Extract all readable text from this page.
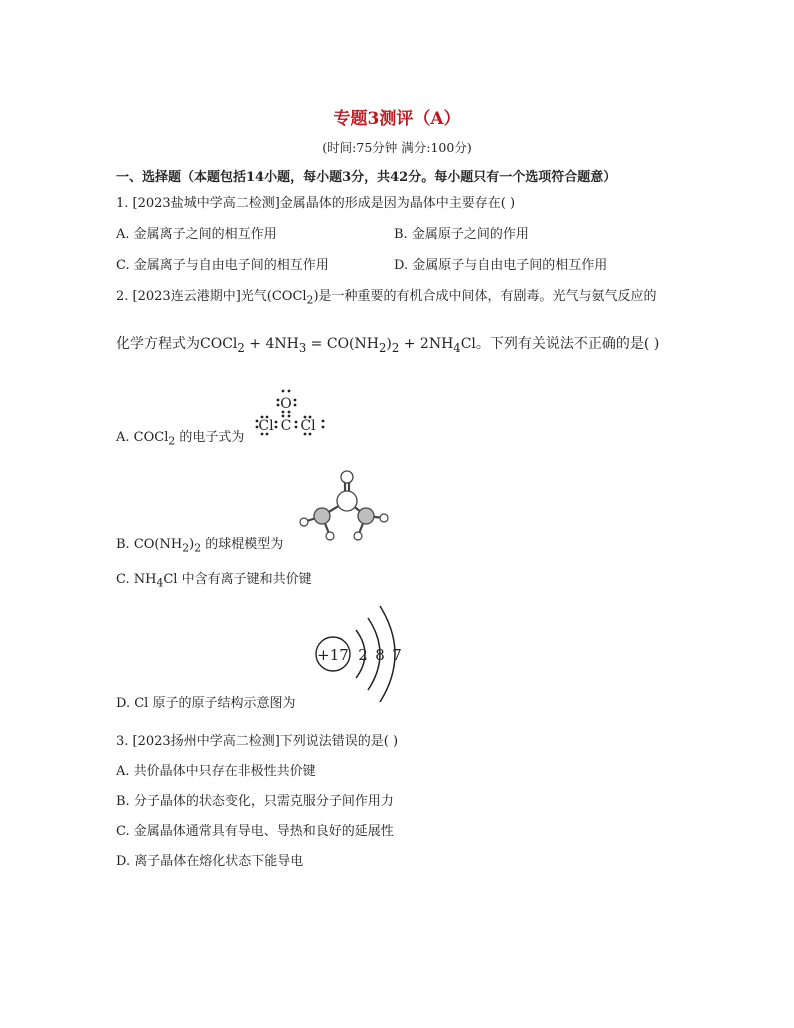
专题3测评（A）
(时间:75分钟 满分:100分)
一、选择题（本题包括14小题，每小题3分，共42分。每小题只有一个选项符合题意）
1. [2023盐城中学高二检测]金属晶体的形成是因为晶体中主要存在( )
A. 金属离子之间的相互作用	B. 金属原子之间的作用
C. 金属离子与自由电子间的相互作用	D. 金属原子与自由电子间的相互作用
2. [2023连云港期中]光气(COCl$_2$)是一种重要的有机合成中间体，有剧毒。光气与氨气反应的
化学方程式为COCl$_2$ + $4NH_3 = CO(NH_2)_2 + 2NH_4Cl$。下列有关说法不正确的是( )
A. COCl$_2$ 的电子式为
O
C
Cl Cl
B. $CO(NH_2)_2$ 的球棍模型为
C. $NH_4Cl$ 中含有离子键和共价键
+17 2 8 7
D. Cl 原子的原子结构示意图为
3. [2023扬州中学高二检测]下列说法错误的是( )
A. 共价晶体中只存在非极性共价键
B. 分子晶体的状态变化，只需克服分子间作用力
C. 金属晶体通常具有导电、导热和良好的延展性
D. 离子晶体在熔化状态下能导电
